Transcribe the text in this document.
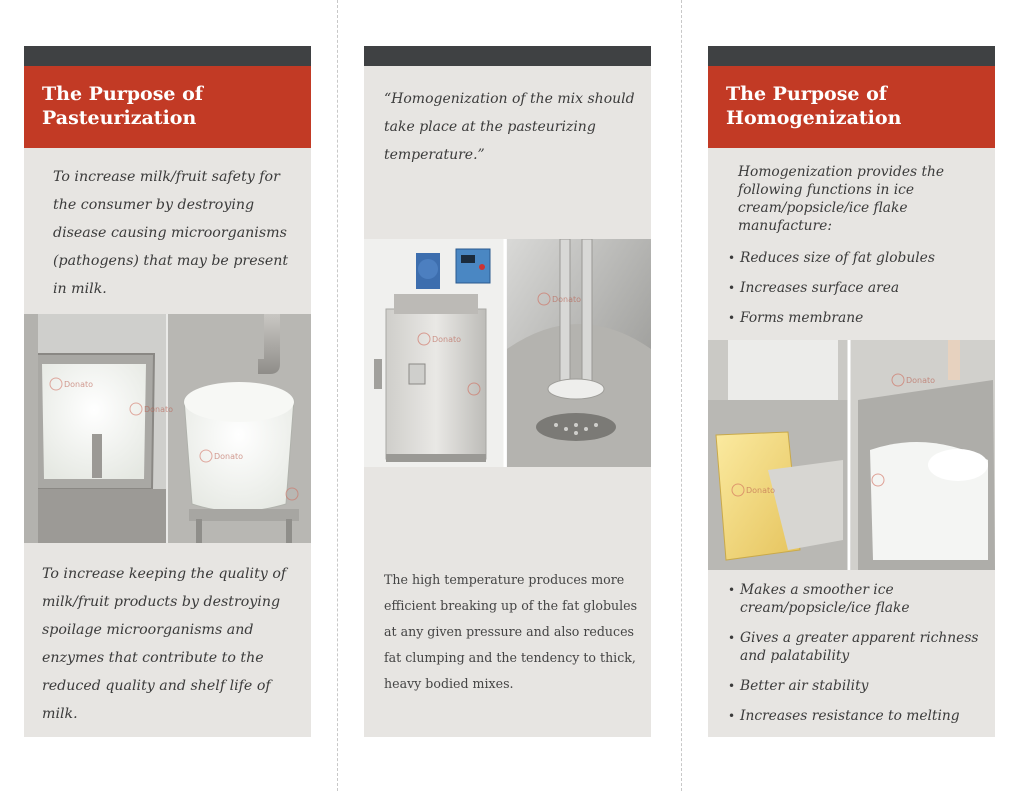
The Purpose of
Pasteurization

To increase milk/fruit safety for the consumer by destroying disease causing microorganisms (pathogens) that may be present in milk.

Donato
Donato
Donato

To increase keeping the quality of milk/fruit products by destroying spoilage microorganisms and enzymes that contribute to the reduced quality and shelf life of milk.

“Homogenization of the mix should take place at the pasteurizing temperature.”

Donato
Donato

The high temperature produces more efficient breaking up of the fat globules at any given pressure and also reduces fat clumping and the tendency to thick, heavy bodied mixes.

The Purpose of
Homogenization

Homogenization provides the following functions in ice cream/popsicle/ice flake manufacture:

• Reduces size of fat globules
• Increases surface area
• Forms membrane
Donato
Donato
• Makes a smoother ice cream/popsicle/ice flake
• Gives a greater apparent richness and palatability
• Better air stability
• Increases resistance to melting
